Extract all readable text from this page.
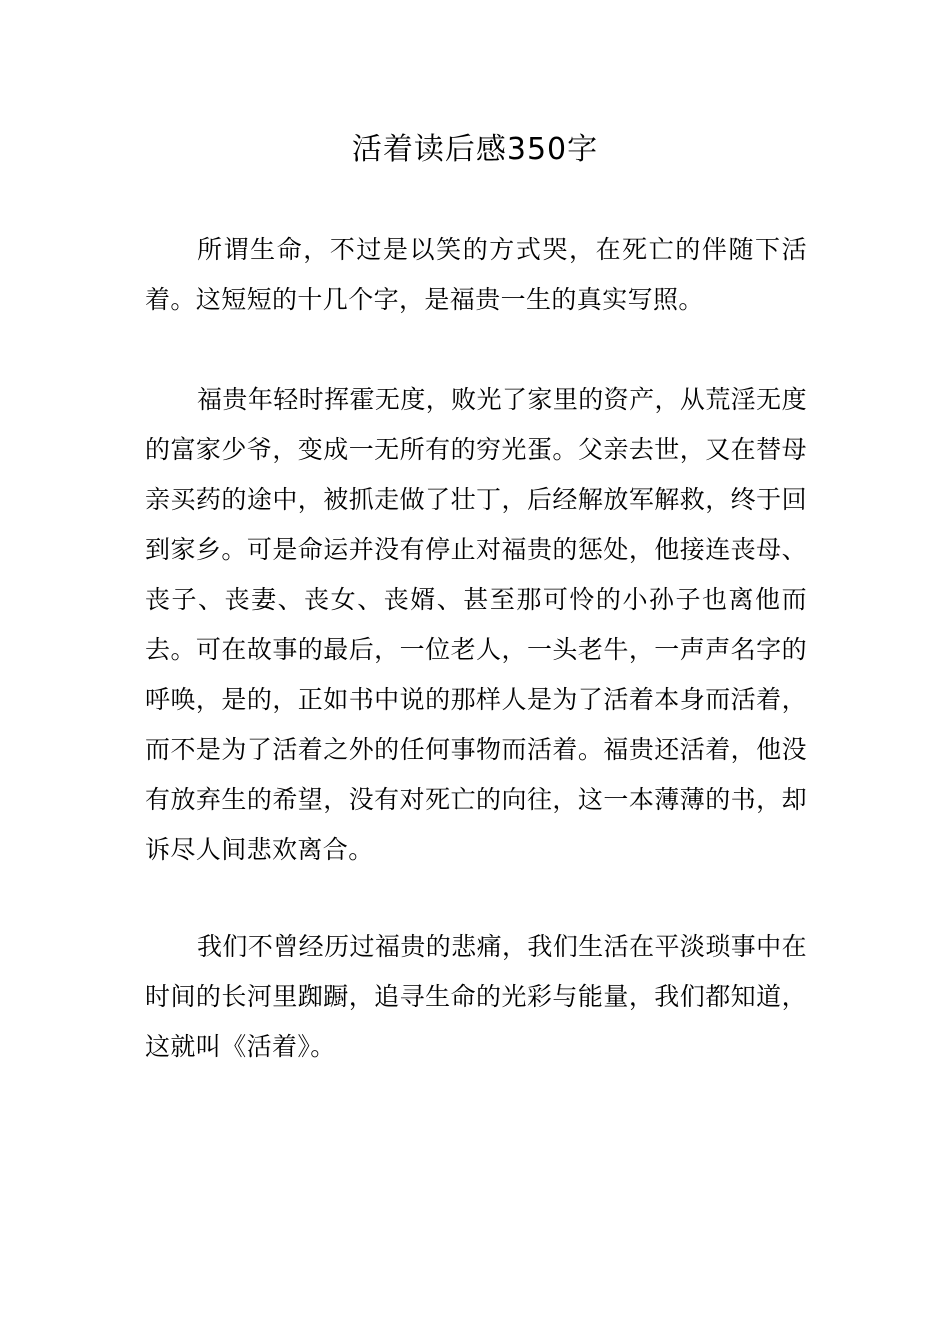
活着读后感350字

所谓生命，不过是以笑的方式哭，在死亡的伴随下活着。这短短的十几个字，是福贵一生的真实写照。

福贵年轻时挥霍无度，败光了家里的资产，从荒淫无度的富家少爷，变成一无所有的穷光蛋。父亲去世，又在替母亲买药的途中，被抓走做了壮丁，后经解放军解救，终于回到家乡。可是命运并没有停止对福贵的惩处，他接连丧母、丧子、丧妻、丧女、丧婿、甚至那可怜的小孙子也离他而去。可在故事的最后，一位老人，一头老牛，一声声名字的呼唤，是的，正如书中说的那样人是为了活着本身而活着，而不是为了活着之外的任何事物而活着。福贵还活着，他没有放弃生的希望，没有对死亡的向往，这一本薄薄的书，却诉尽人间悲欢离合。

我们不曾经历过福贵的悲痛，我们生活在平淡琐事中在时间的长河里踟蹰，追寻生命的光彩与能量，我们都知道，这就叫《活着》。
